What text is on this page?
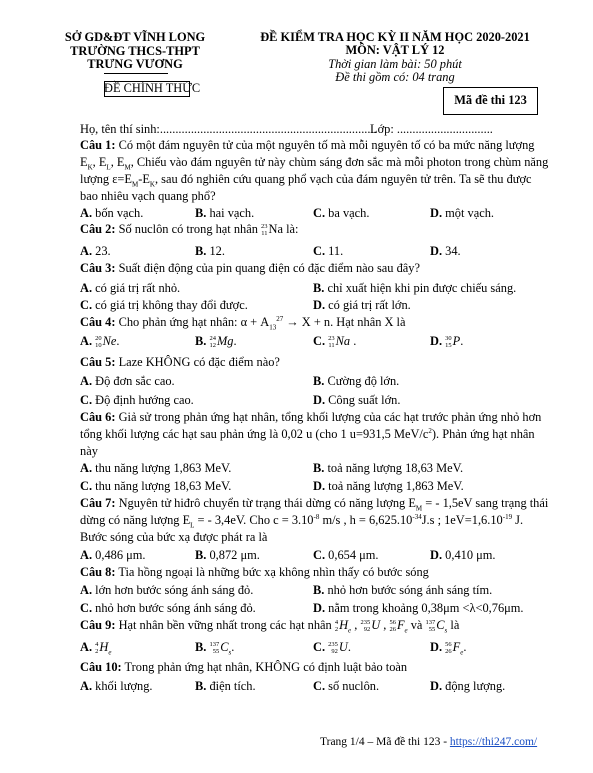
SỞ GD&ĐT VĨNH LONG
TRƯỜNG THCS-THPT
TRƯNG VƯƠNG
ĐỀ CHÍNH THỨC
ĐỀ KIỂM TRA HỌC KỲ II NĂM HỌC 2020-2021
MÔN: VẬT LÝ 12
Thời gian làm bài: 50 phút
Đề thi gồm có: 04 trang
Mã đề thi 123
Họ, tên thí sinh:......................................................................
Lớp: ...............................
Câu 1: Có một đám nguyên tử của một nguyên tố mà mỗi nguyên tố có ba mức năng lượng
$E_K$, $E_L$, $E_M$, Chiếu vào đám nguyên tử này chùm sáng đơn sắc mà mỗi photon trong chùm năng
lượng $\varepsilon=E_M-E_K$, sau đó nghiên cứu quang phổ vạch của đám nguyên tử trên. Ta sẽ thu được
bao nhiêu vạch quang phổ?
A. bốn vạch.	B. hai vạch.	C. ba vạch.	D. một vạch.
Câu 2: Số nuclôn có trong hạt nhân 23
11 Na là:
A. 23.	B. 12.	C. 11.	D. 34.
Câu 3: Suất điện động của pin quang điện có đặc điểm nào sau đây?
A. có giá trị rất nhỏ.	B. chỉ xuất hiện khi pin được chiếu sáng.
C. có giá trị không thay đổi được.	D. có giá trị rất lớn.
Câu 4: Cho phản ứng hạt nhân: $\alpha + A_{13}^{27} \to X + n$. Hạt nhân X là
A. 20
10 Ne.	B. 24
12 Mg.	C. 23
11 Na .	D. 30
15 P.
Câu 5: Laze KHÔNG có đặc điểm nào?
A. Độ đơn sắc cao.	B. Cường độ lớn.
C. Độ định hướng cao.	D. Công suất lớn.
Câu 6: Giả sử trong phản ứng hạt nhân, tổng khối lượng của các hạt trước phản ứng nhỏ hơn
tổng khối lượng các hạt sau phản ứng là 0,02 u (cho 1 u=931,5 MeV/$c^2$). Phản ứng hạt nhân
này
A. thu năng lượng 1,863 MeV.	B. toả năng lượng 18,63 MeV.
C. thu năng lượng 18,63 MeV.	D. toả năng lượng 1,863 MeV.
Câu 7: Nguyên tử hiđrô chuyển từ trạng thái dừng có năng lượng $E_M$ = - 1,5eV sang trạng thái
dừng có năng lượng $E_L$ = - 3,4eV. Cho $c = 3.10^{-8}$ m/s , $h = 6,625.10^{-34}J.s$ ; $1eV=1,6.10^{-19}$ J.
Bước sóng của bức xạ được phát ra là
A. 0,486 μm.	B. 0,872 μm.	C. 0,654 μm.	D. 0,410 μm.
Câu 8: Tia hồng ngoại là những bức xạ không nhìn thấy có bước sóng
A. lớn hơn bước sóng ánh sáng đỏ.	B. nhỏ hơn bước sóng ánh sáng tím.
C. nhỏ hơn bước sóng ánh sáng đỏ.	D. nằm trong khoảng 0,38μm <λ<0,76μm.
Câu 9: Hạt nhân bền vững nhất trong các hạt nhân 4
2 $H_e$ , 235
92 U , 56
26 $F_e$ và 137
55 $C_s$ là
A. 4
2 $H_e$	B. 137
55 $C_s$.	C. 235
92 U.	D. 56
26 $F_e$.
Câu 10: Trong phản ứng hạt nhân, KHÔNG có định luật bảo toàn
A. khối lượng.	B. điện tích.	C. số nuclôn.	D. động lượng.
Trang 1/4 – Mã đề thi 123 - https://thi247.com/
